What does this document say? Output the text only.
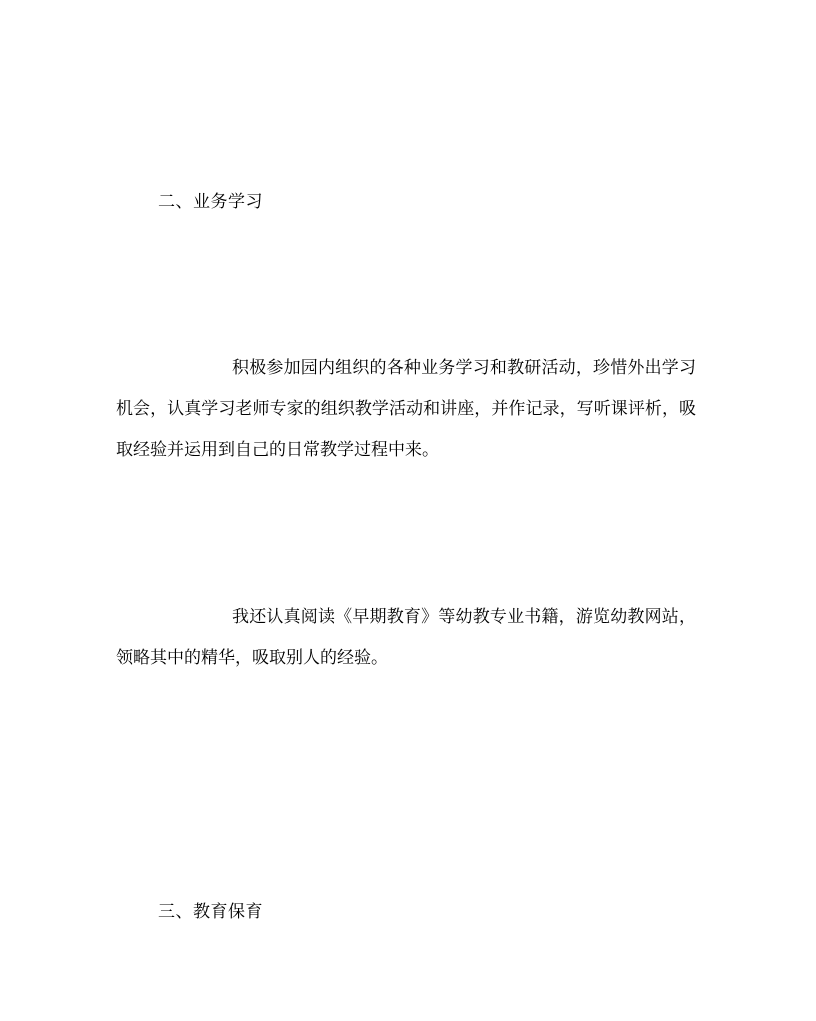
二、业务学习

积极参加园内组织的各种业务学习和教研活动，珍惜外出学习机会，认真学习老师专家的组织教学活动和讲座，并作记录，写听课评析，吸取经验并运用到自己的日常教学过程中来。

我还认真阅读《早期教育》等幼教专业书籍，游览幼教网站，领略其中的精华，吸取别人的经验。

三、教育保育
